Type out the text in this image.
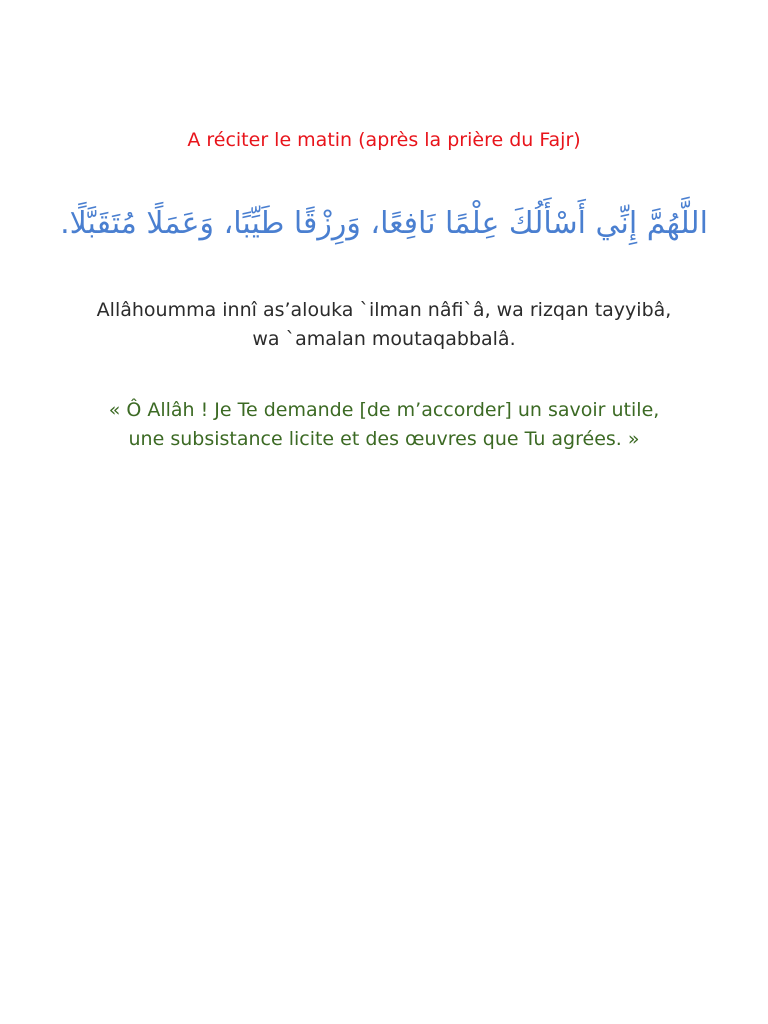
A réciter le matin (après la prière du Fajr)
اللَّهُمَّ إِنِّي أَسْأَلُكَ عِلْمًا نَافِعًا، وَرِزْقًا طَيِّبًا، وَعَمَلًا مُتَقَبَّلًا.
Allâhoumma innî as’alouka `ilman nâfi`â, wa rizqan tayyibâ,
wa `amalan moutaqabbalâ.
« Ô Allâh ! Je Te demande [de m’accorder] un savoir utile,
une subsistance licite et des œuvres que Tu agrées. »
